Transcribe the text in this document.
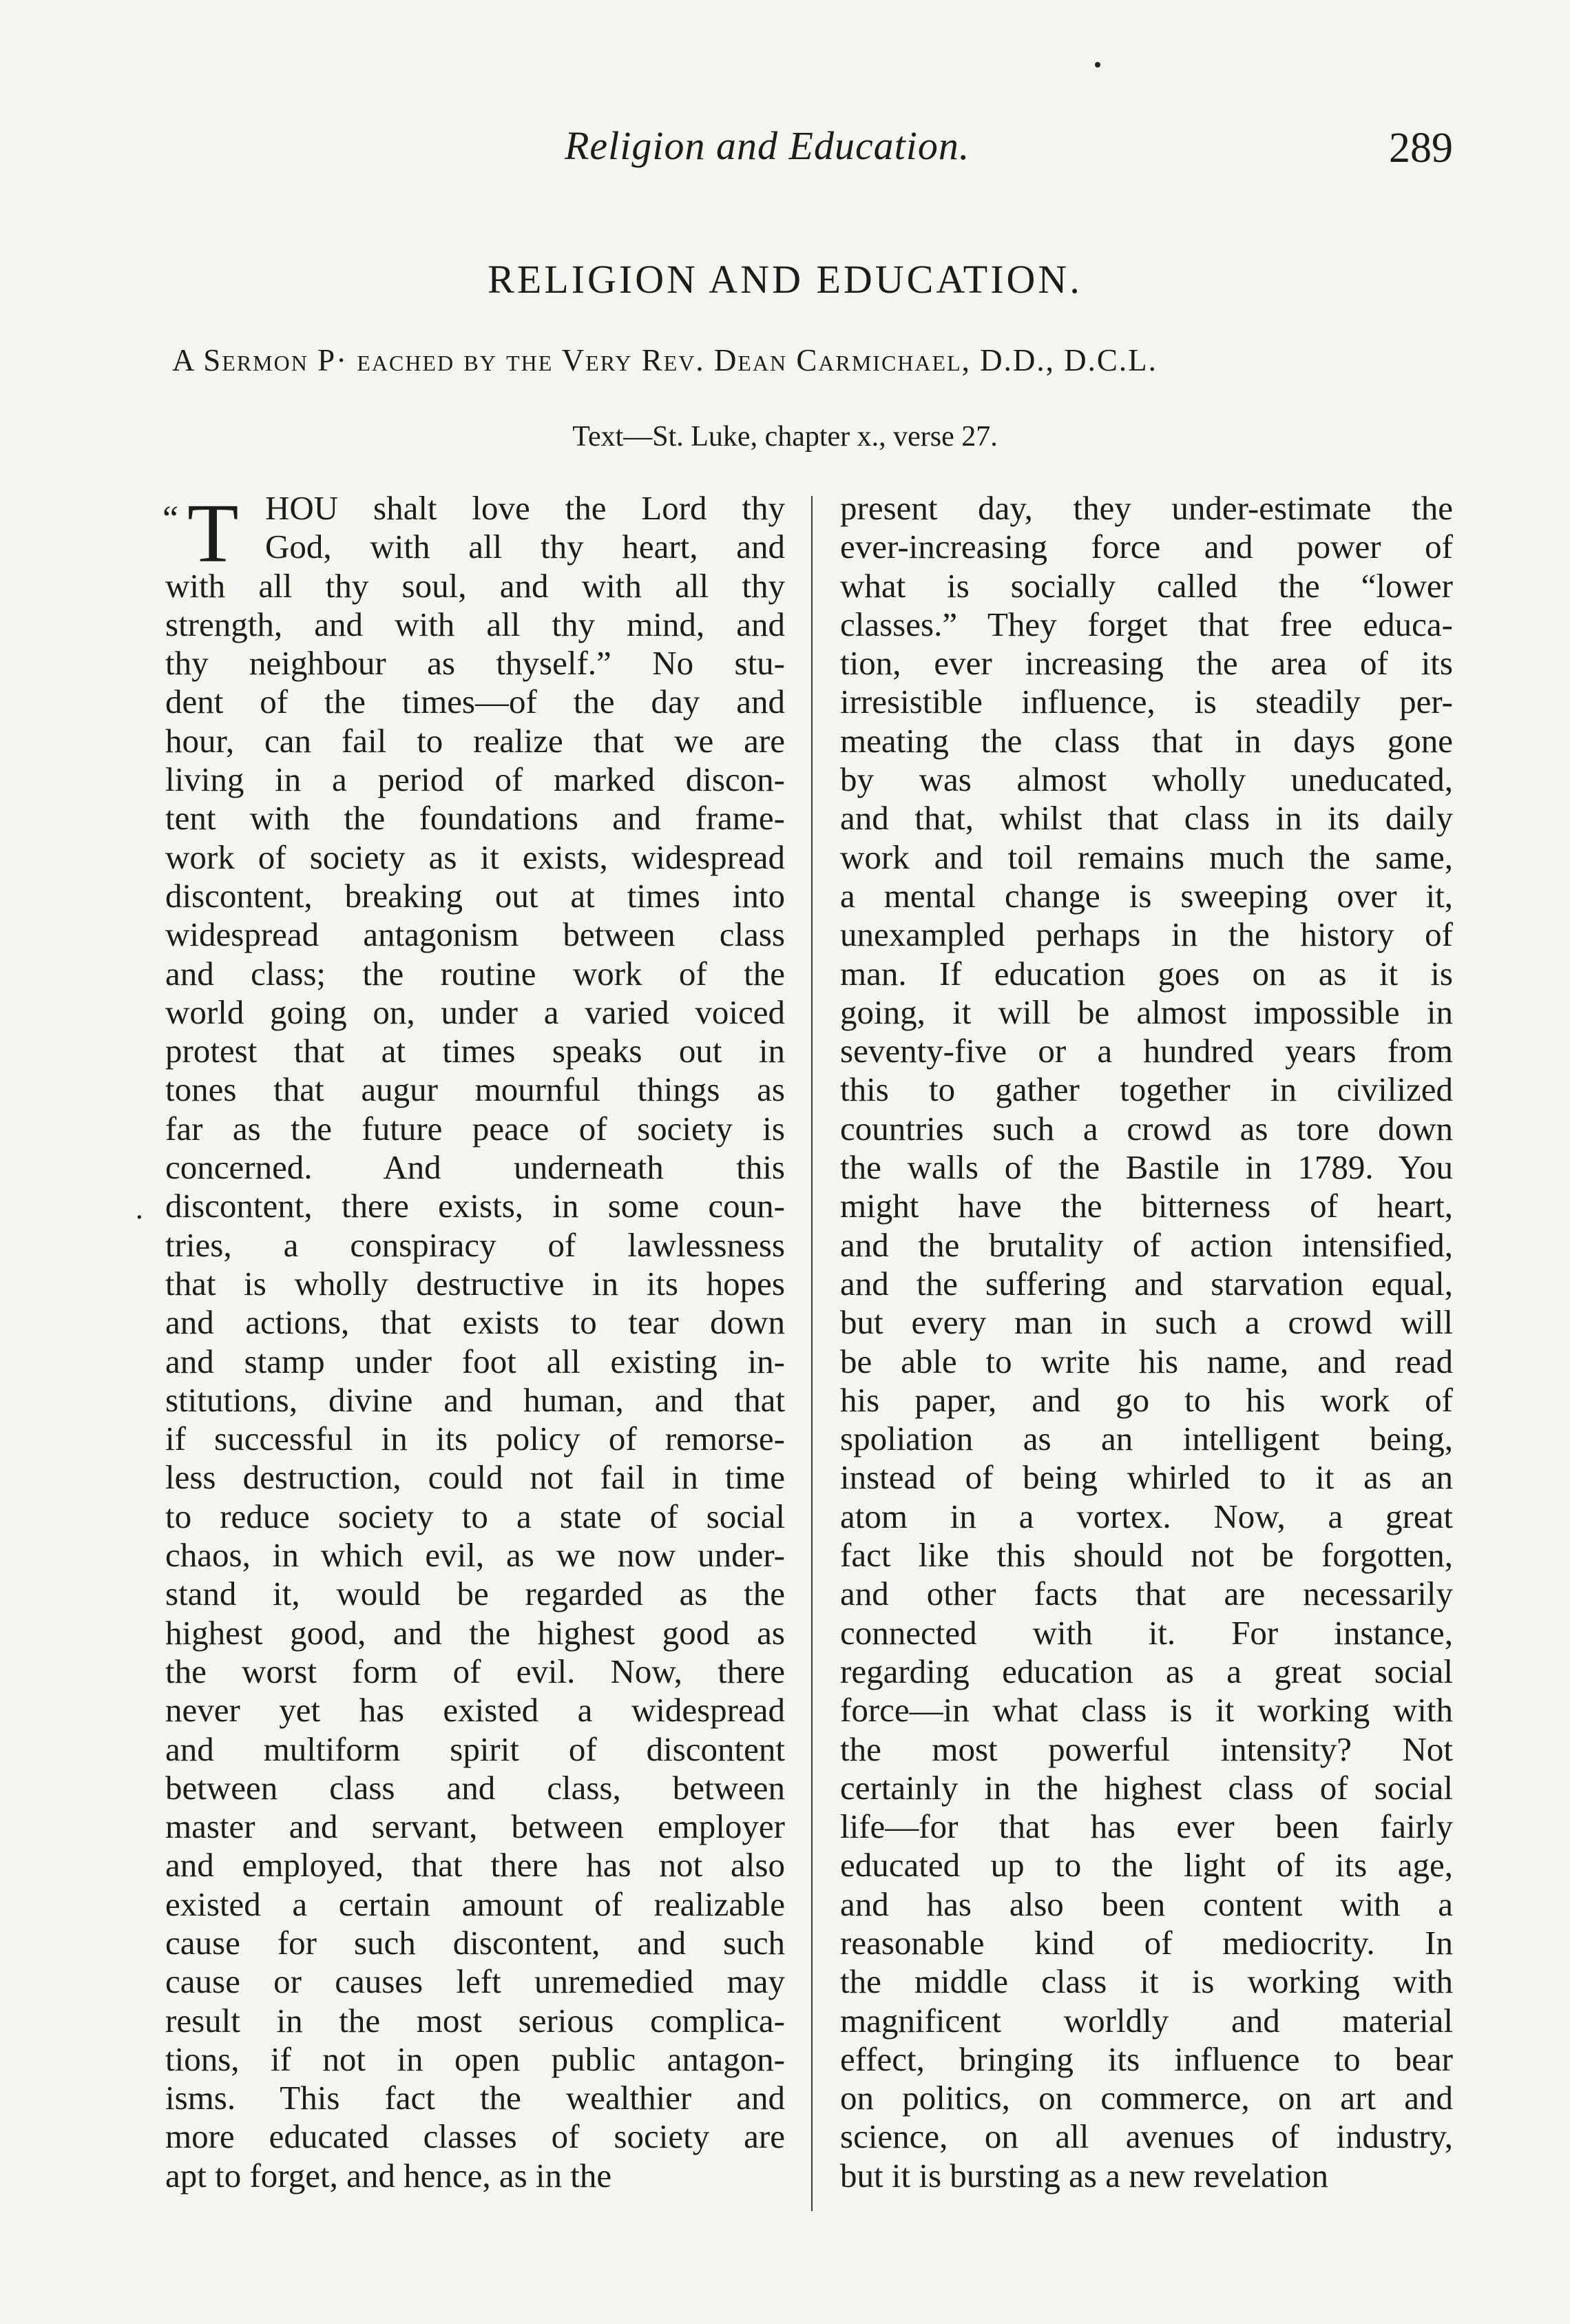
Religion and Education.	289
RELIGION AND EDUCATION.
A Sermon P· eached by the Very Rev. Dean Carmichael, D.D., D.C.L.
Text—St. Luke, chapter x., verse 27.
“ T
·
HOU shalt love the Lord thy
God, with all thy heart, and
with all thy soul, and with all thy
strength, and with all thy mind, and
thy neighbour as thyself.” No stu-
dent of the times—of the day and
hour, can fail to realize that we are
living in a period of marked discon-
tent with the foundations and frame-
work of society as it exists, widespread
discontent, breaking out at times into
widespread antagonism between class
and class; the routine work of the
world going on, under a varied voiced
protest that at times speaks out in
tones that augur mournful things as
far as the future peace of society is
concerned. And underneath this
discontent, there exists, in some coun-
tries, a conspiracy of lawlessness
that is wholly destructive in its hopes
and actions, that exists to tear down
and stamp under foot all existing in-
stitutions, divine and human, and that
if successful in its policy of remorse-
less destruction, could not fail in time
to reduce society to a state of social
chaos, in which evil, as we now under-
stand it, would be regarded as the
highest good, and the highest good as
the worst form of evil. Now, there
never yet has existed a widespread
and multiform spirit of discontent
between class and class, between
master and servant, between employer
and employed, that there has not also
existed a certain amount of realizable
cause for such discontent, and such
cause or causes left unremedied may
result in the most serious complica-
tions, if not in open public antagon-
isms. This fact the wealthier and
more educated classes of society are
apt to forget, and hence, as in the
present day, they under-estimate the
ever-increasing force and power of
what is socially called the “lower
classes.” They forget that free educa-
tion, ever increasing the area of its
irresistible influence, is steadily per-
meating the class that in days gone
by was almost wholly uneducated,
and that, whilst that class in its daily
work and toil remains much the same,
a mental change is sweeping over it,
unexampled perhaps in the history of
man. If education goes on as it is
going, it will be almost impossible in
seventy-five or a hundred years from
this to gather together in civilized
countries such a crowd as tore down
the walls of the Bastile in 1789. You
might have the bitterness of heart,
and the brutality of action intensified,
and the suffering and starvation equal,
but every man in such a crowd will
be able to write his name, and read
his paper, and go to his work of
spoliation as an intelligent being,
instead of being whirled to it as an
atom in a vortex. Now, a great
fact like this should not be forgotten,
and other facts that are necessarily
connected with it. For instance,
regarding education as a great social
force—in what class is it working with
the most powerful intensity? Not
certainly in the highest class of social
life—for that has ever been fairly
educated up to the light of its age,
and has also been content with a
reasonable kind of mediocrity. In
the middle class it is working with
magnificent worldly and material
effect, bringing its influence to bear
on politics, on commerce, on art and
science, on all avenues of industry,
but it is bursting as a new revelation
